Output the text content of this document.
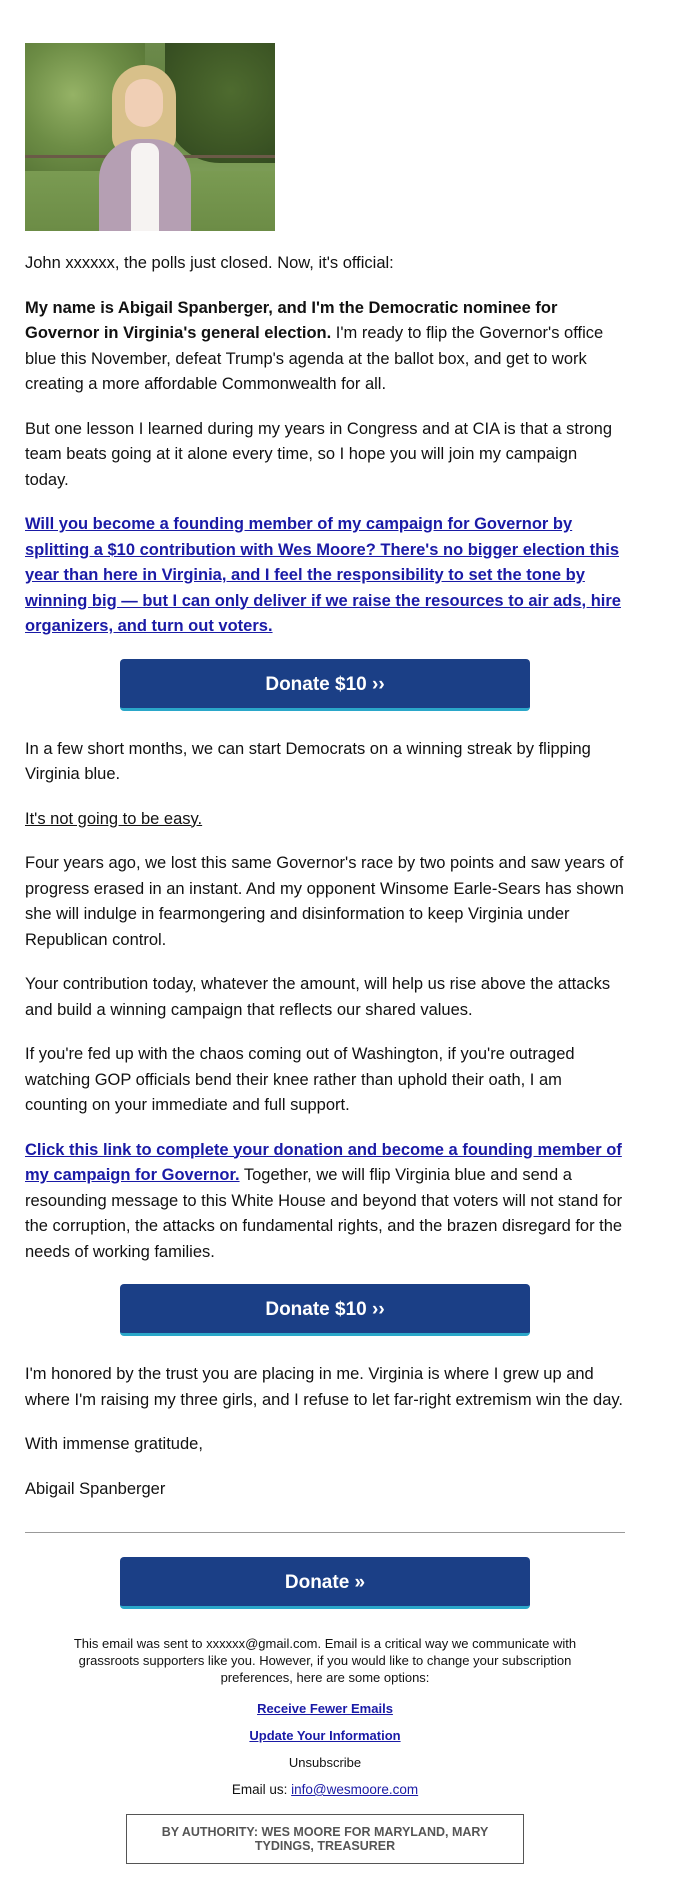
John xxxxxx, the polls just closed. Now, it's official:

My name is Abigail Spanberger, and I'm the Democratic nominee for Governor in Virginia's general election. I'm ready to flip the Governor's office blue this November, defeat Trump's agenda at the ballot box, and get to work creating a more affordable Commonwealth for all.

But one lesson I learned during my years in Congress and at CIA is that a strong team beats going at it alone every time, so I hope you will join my campaign today.

Will you become a founding member of my campaign for Governor by splitting a $10 contribution with Wes Moore? There's no bigger election this year than here in Virginia, and I feel the responsibility to set the tone by winning big — but I can only deliver if we raise the resources to air ads, hire organizers, and turn out voters.

Donate $10 ››

In a few short months, we can start Democrats on a winning streak by flipping Virginia blue.

It's not going to be easy.

Four years ago, we lost this same Governor's race by two points and saw years of progress erased in an instant. And my opponent Winsome Earle-Sears has shown she will indulge in fearmongering and disinformation to keep Virginia under Republican control.

Your contribution today, whatever the amount, will help us rise above the attacks and build a winning campaign that reflects our shared values.

If you're fed up with the chaos coming out of Washington, if you're outraged watching GOP officials bend their knee rather than uphold their oath, I am counting on your immediate and full support.

Click this link to complete your donation and become a founding member of my campaign for Governor. Together, we will flip Virginia blue and send a resounding message to this White House and beyond that voters will not stand for the corruption, the attacks on fundamental rights, and the brazen disregard for the needs of working families.

Donate $10 ››

I'm honored by the trust you are placing in me. Virginia is where I grew up and where I'm raising my three girls, and I refuse to let far-right extremism win the day.

With immense gratitude,

Abigail Spanberger

Donate »
This email was sent to xxxxxx@gmail.com. Email is a critical way we communicate with grassroots supporters like you. However, if you would like to change your subscription preferences, here are some options:
Receive Fewer Emails
Update Your Information
Unsubscribe
Email us: info@wesmoore.com
BY AUTHORITY: WES MOORE FOR MARYLAND, MARY TYDINGS, TREASURER
